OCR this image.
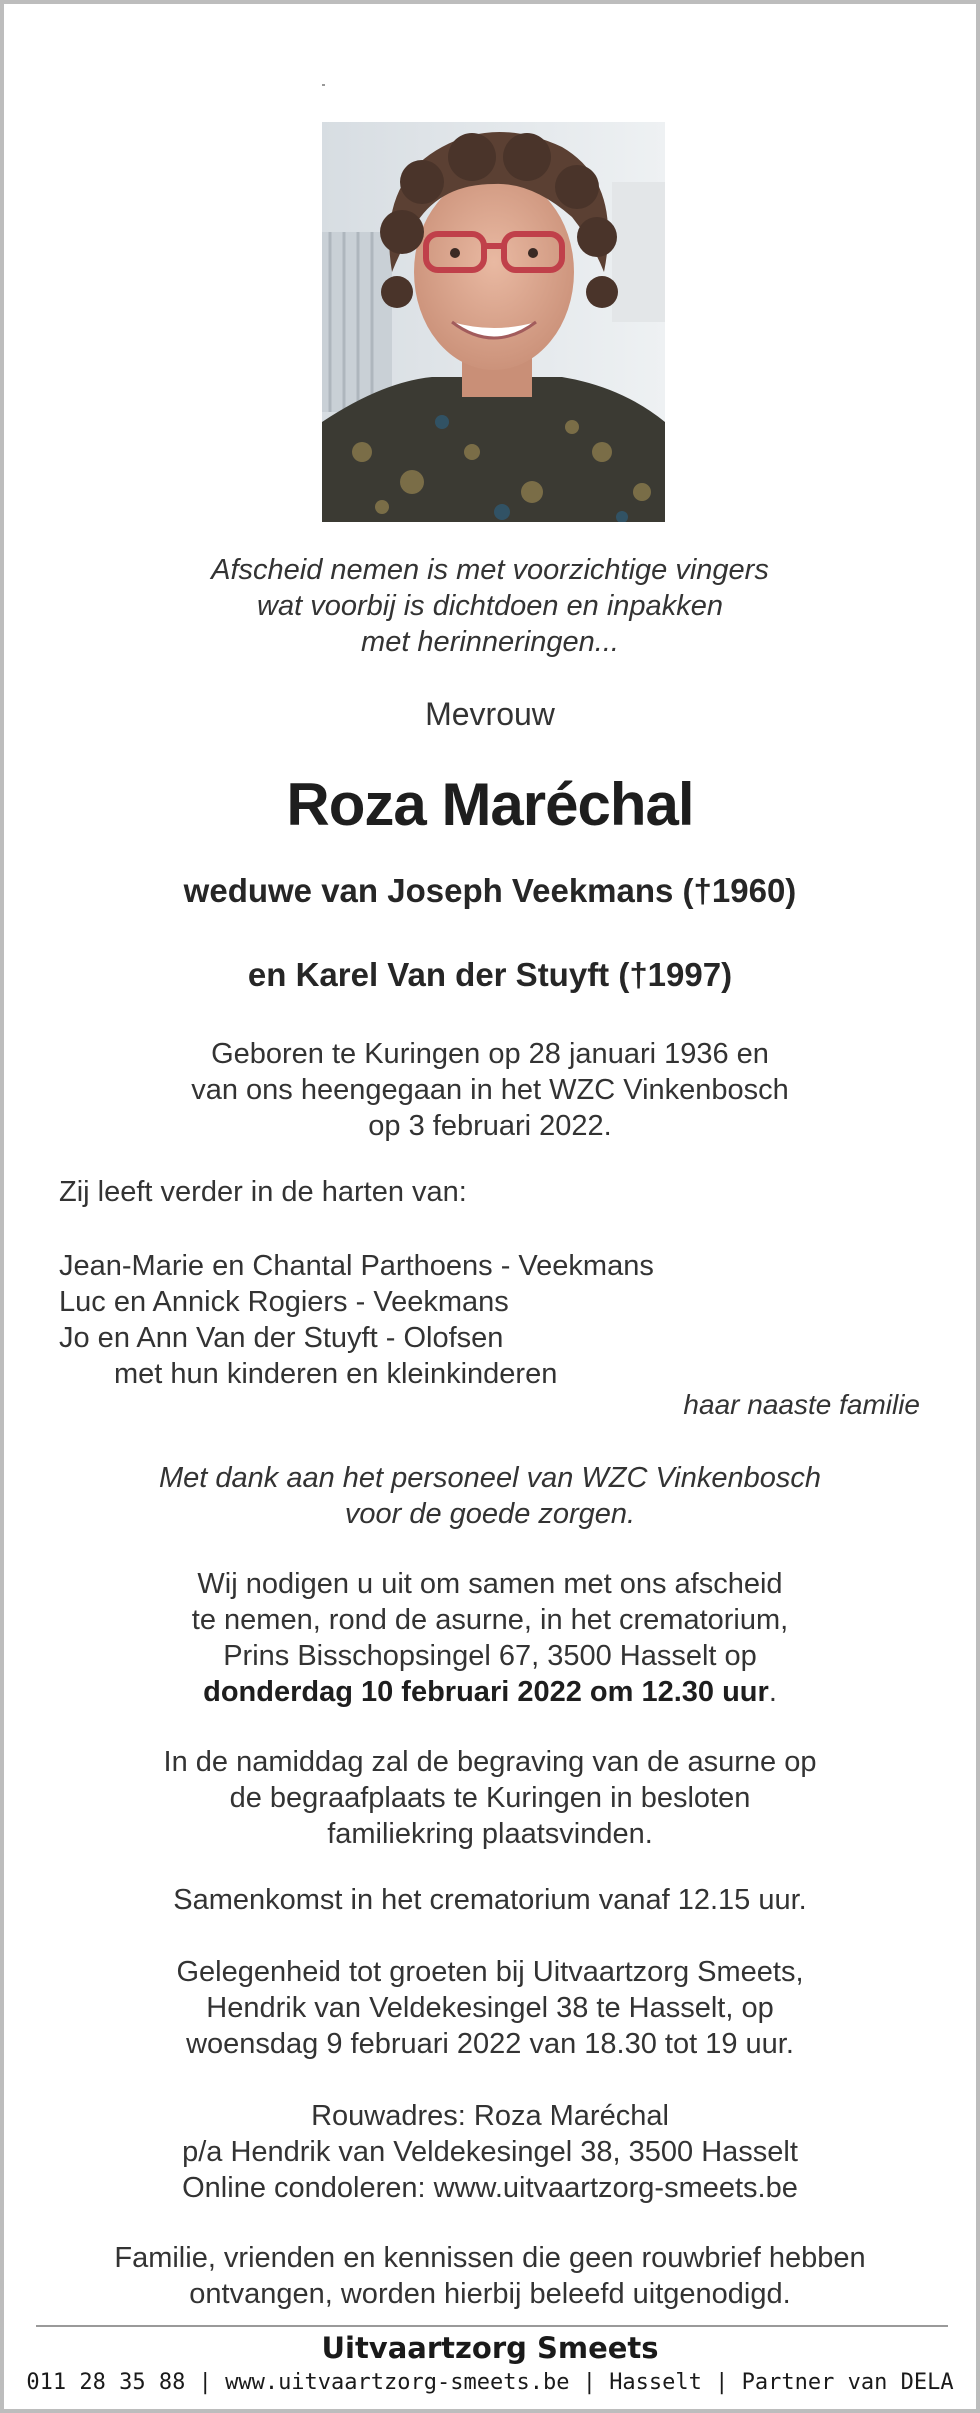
Afscheid nemen is met voorzichtige vingers
wat voorbij is dichtdoen en inpakken
met herinneringen...
Mevrouw
Roza Maréchal
weduwe van Joseph Veekmans (†1960)
en Karel Van der Stuyft (†1997)
Geboren te Kuringen op 28 januari 1936 en
van ons heengegaan in het WZC Vinkenbosch
op 3 februari 2022.
Zij leeft verder in de harten van:
Jean-Marie en Chantal Parthoens - Veekmans
Luc en Annick Rogiers - Veekmans
Jo en Ann Van der Stuyft - Olofsen
met hun kinderen en kleinkinderen
haar naaste familie
Met dank aan het personeel van WZC Vinkenbosch
voor de goede zorgen.
Wij nodigen u uit om samen met ons afscheid
te nemen, rond de asurne, in het crematorium,
Prins Bisschopsingel 67, 3500 Hasselt op
donderdag 10 februari 2022 om 12.30 uur.
In de namiddag zal de begraving van de asurne op
de begraafplaats te Kuringen in besloten
familiekring plaatsvinden.
Samenkomst in het crematorium vanaf 12.15 uur.
Gelegenheid tot groeten bij Uitvaartzorg Smeets,
Hendrik van Veldekesingel 38 te Hasselt, op
woensdag 9 februari 2022 van 18.30 tot 19 uur.
Rouwadres: Roza Maréchal
p/a Hendrik van Veldekesingel 38, 3500 Hasselt
Online condoleren: www.uitvaartzorg-smeets.be
Familie, vrienden en kennissen die geen rouwbrief hebben
ontvangen, worden hierbij beleefd uitgenodigd.
Uitvaartzorg Smeets
011 28 35 88 | www.uitvaartzorg-smeets.be | Hasselt | Partner van DELA
